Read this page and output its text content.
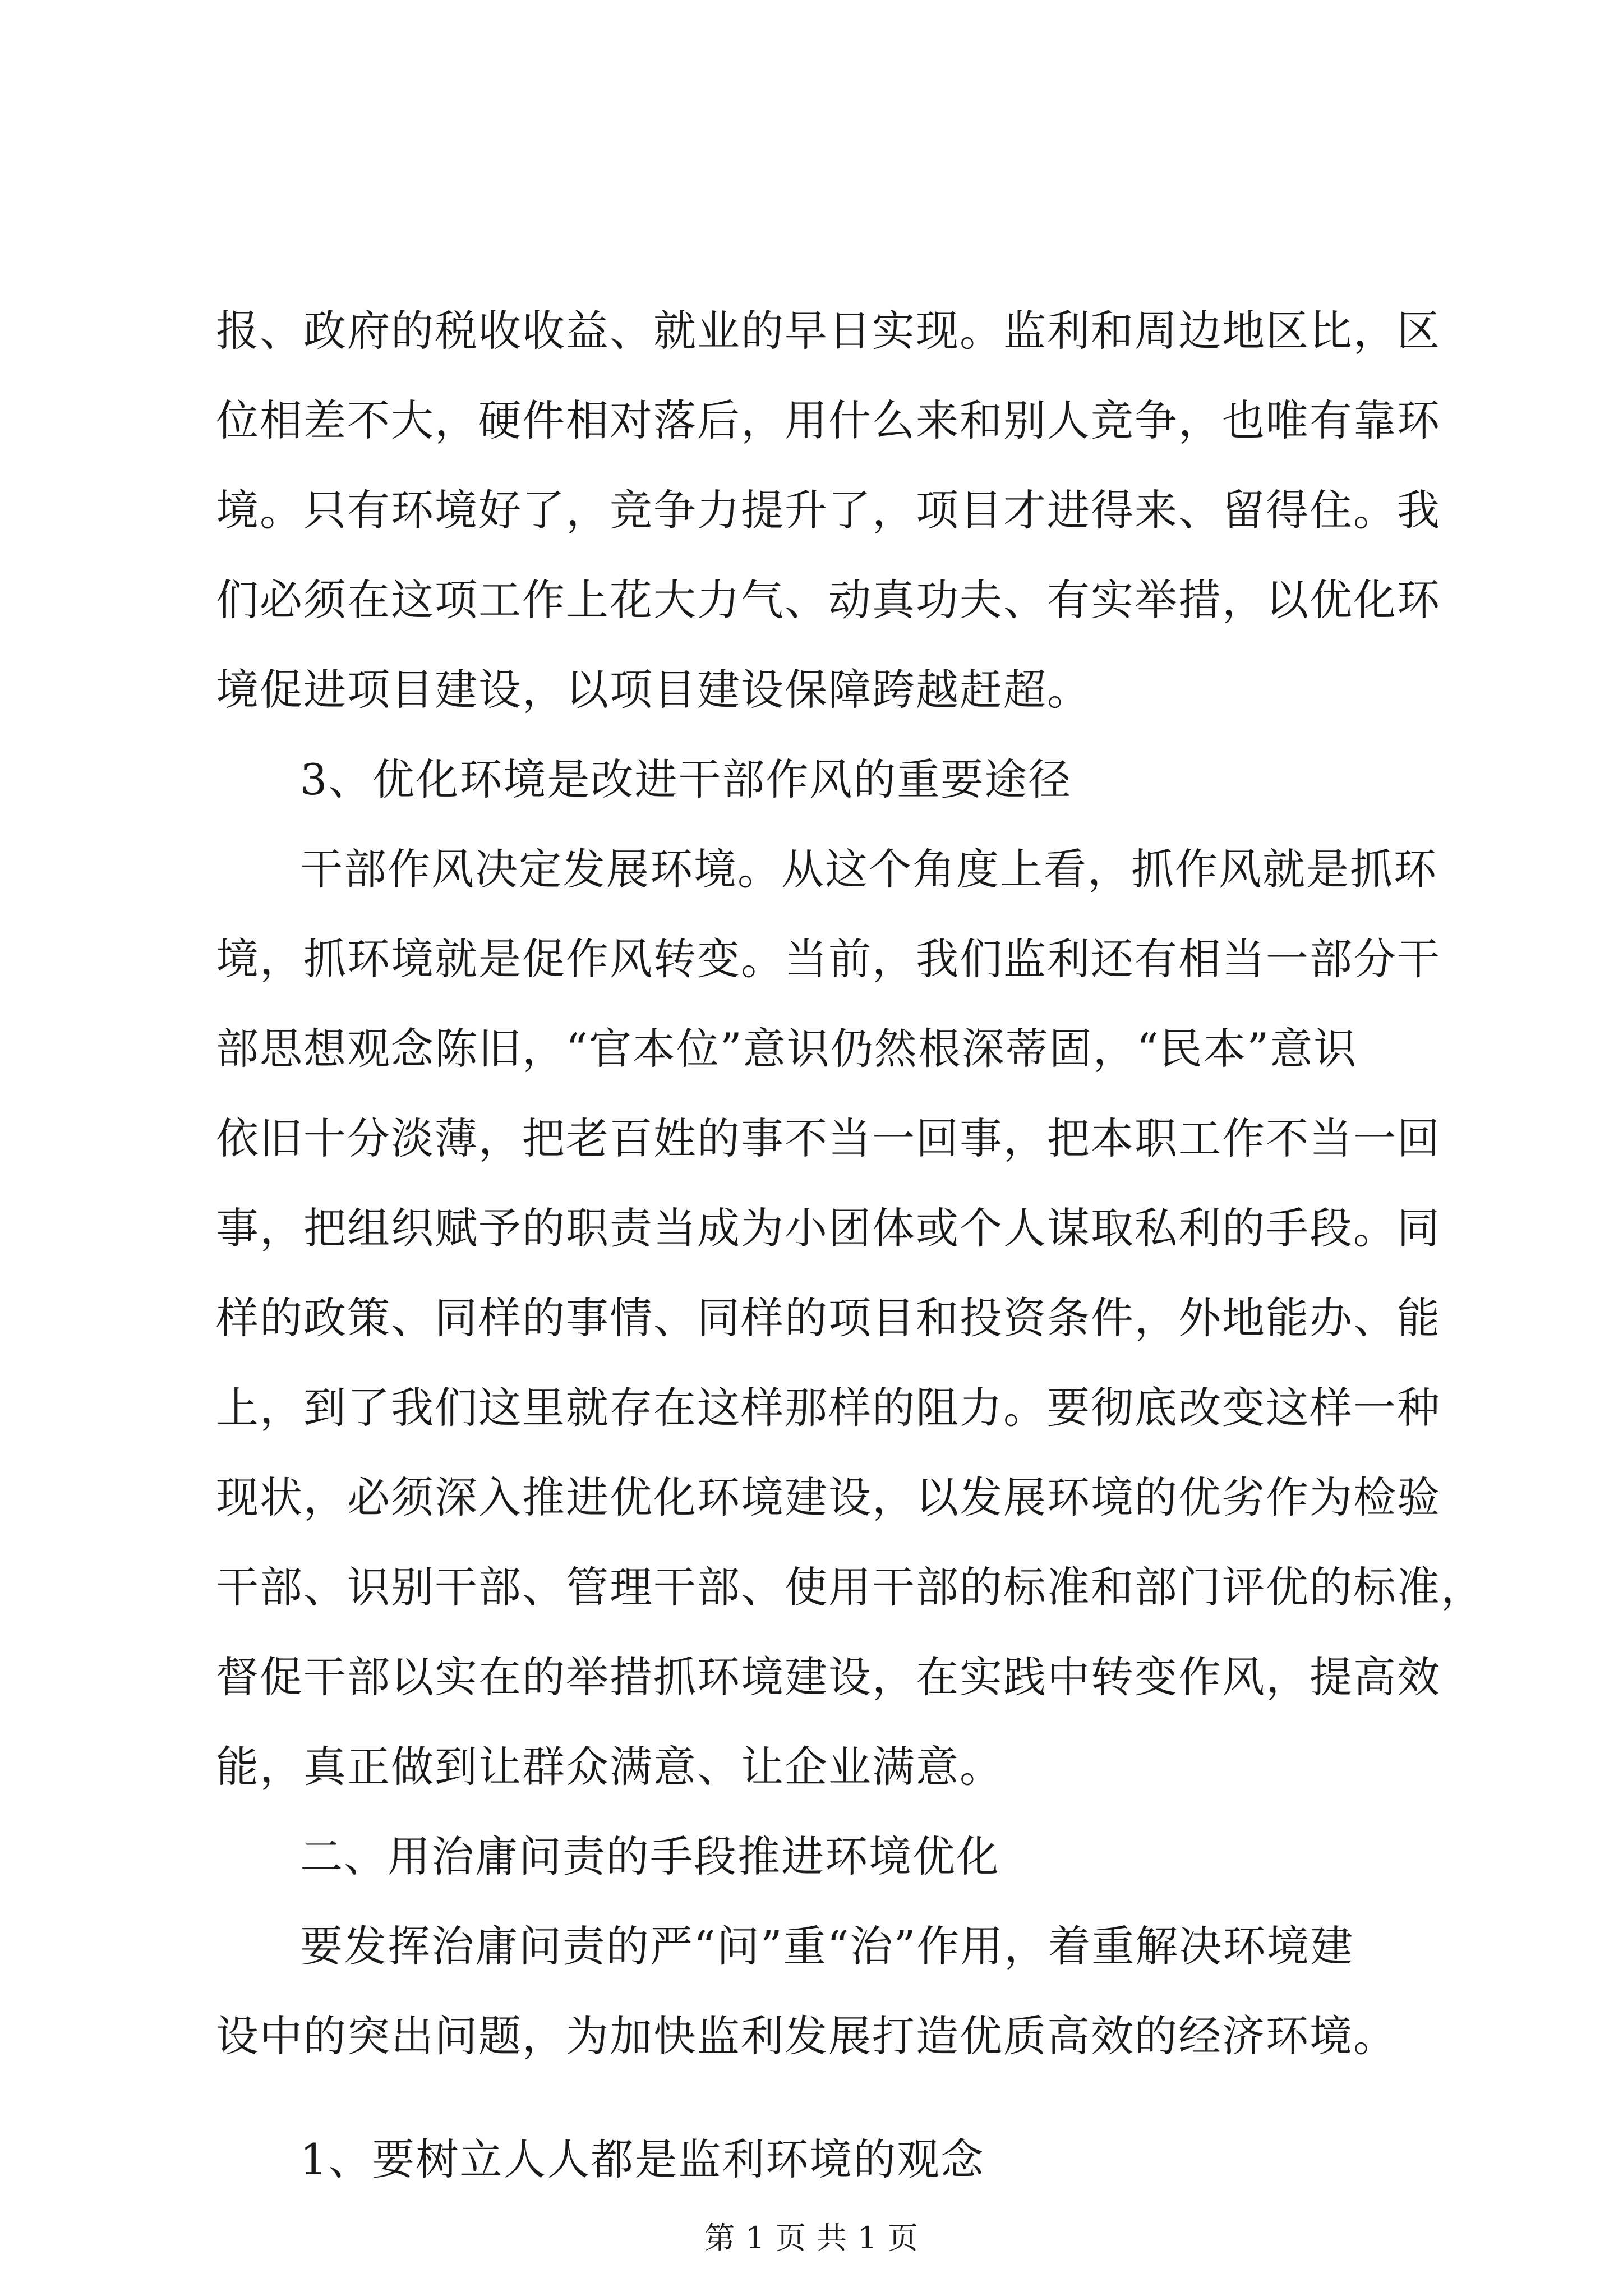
报、政府的税收收益、就业的早日实现。监利和周边地区比，区
位相差不大，硬件相对落后，用什么来和别人竞争，也唯有靠环
境。只有环境好了，竞争力提升了，项目才进得来、留得住。我
们必须在这项工作上花大力气、动真功夫、有实举措，以优化环
境促进项目建设，以项目建设保障跨越赶超。
3、优化环境是改进干部作风的重要途径
干部作风决定发展环境。从这个角度上看，抓作风就是抓环
境，抓环境就是促作风转变。当前，我们监利还有相当一部分干
部思想观念陈旧，“官本位”意识仍然根深蒂固，“民本”意识
依旧十分淡薄，把老百姓的事不当一回事，把本职工作不当一回
事，把组织赋予的职责当成为小团体或个人谋取私利的手段。同
样的政策、同样的事情、同样的项目和投资条件，外地能办、能
上，到了我们这里就存在这样那样的阻力。要彻底改变这样一种
现状，必须深入推进优化环境建设，以发展环境的优劣作为检验
干部、识别干部、管理干部、使用干部的标准和部门评优的标准，
督促干部以实在的举措抓环境建设，在实践中转变作风，提高效
能，真正做到让群众满意、让企业满意。
二、用治庸问责的手段推进环境优化
要发挥治庸问责的严“问”重“治”作用，着重解决环境建
设中的突出问题，为加快监利发展打造优质高效的经济环境。
1、要树立人人都是监利环境的观念
第 1 页 共 1 页
